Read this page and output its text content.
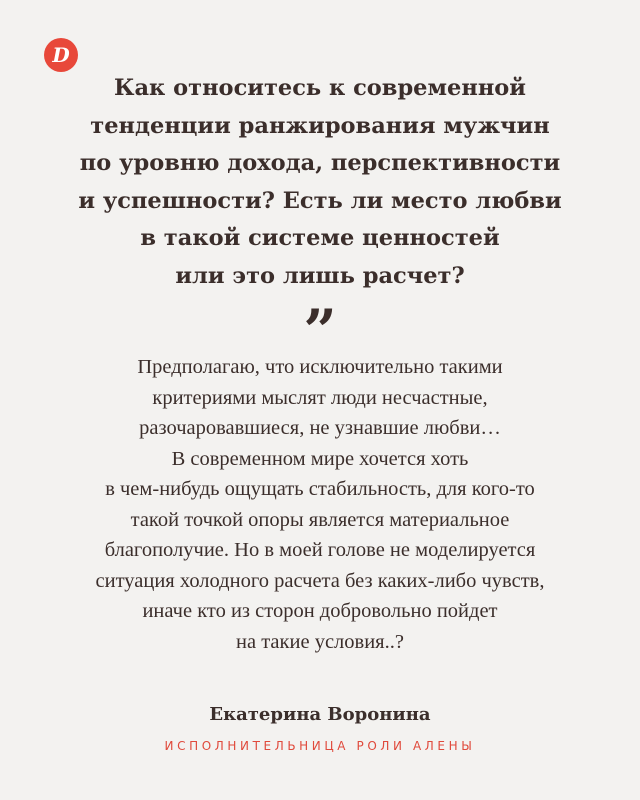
D
Как относитесь к современной
тенденции ранжирования мужчин
по уровню дохода, перспективности
и успешности? Есть ли место любви
в такой системе ценностей
или это лишь расчет?
”
Предполагаю, что исключительно такими
критериями мыслят люди несчастные,
разочаровавшиеся, не узнавшие любви…
В современном мире хочется хоть
в чем-нибудь ощущать стабильность, для кого-то
такой точкой опоры является материальное
благополучие. Но в моей голове не моделируется
ситуация холодного расчета без каких-либо чувств,
иначе кто из сторон добровольно пойдет
на такие условия..?
Екатерина Воронина
ИСПОЛНИТЕЛЬНИЦА РОЛИ АЛЕНЫ
